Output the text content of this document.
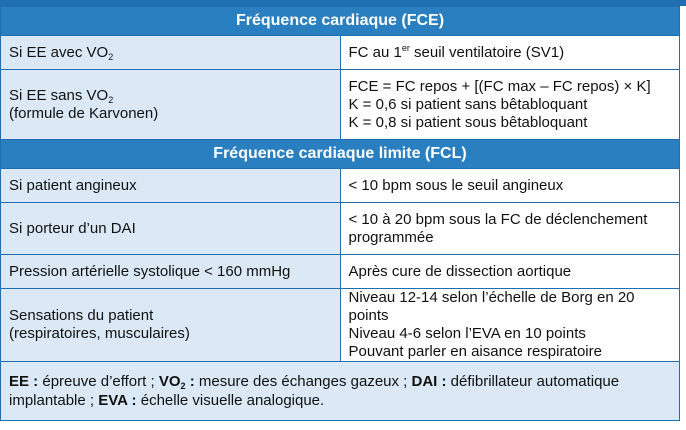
Fréquence cardiaque (FCE)	
Si EE avec $VO_2$	FC au 1er seuil ventilatoire (SV1)

Si EE sans $VO_2$
(formule de Karvonen)	FCE = FC repos + [(FC max – FC repos) × K]
K = 0,6 si patient sans bêtabloquant
K = 0,8 si patient sous bêtabloquant

Fréquence cardiaque limite (FCL)	
Si patient angineux	< 10 bpm sous le seuil angineux
Si porteur d’un DAI	< 10 à 20 bpm sous la FC de déclenchement
programmée

Pression artérielle systolique < 160 mmHg	Après cure de dissection aortique

Sensations du patient
(respiratoires, musculaires)	Niveau 12-14 selon l’échelle de Borg en 20 points
Niveau 4-6 selon l’EVA en 10 points
Pouvant parler en aisance respiratoire

EE : épreuve d’effort ; $VO_2$ : mesure des échanges gazeux ; DAI : défibrillateur automatique
implantable ; EVA : échelle visuelle analogique.	
